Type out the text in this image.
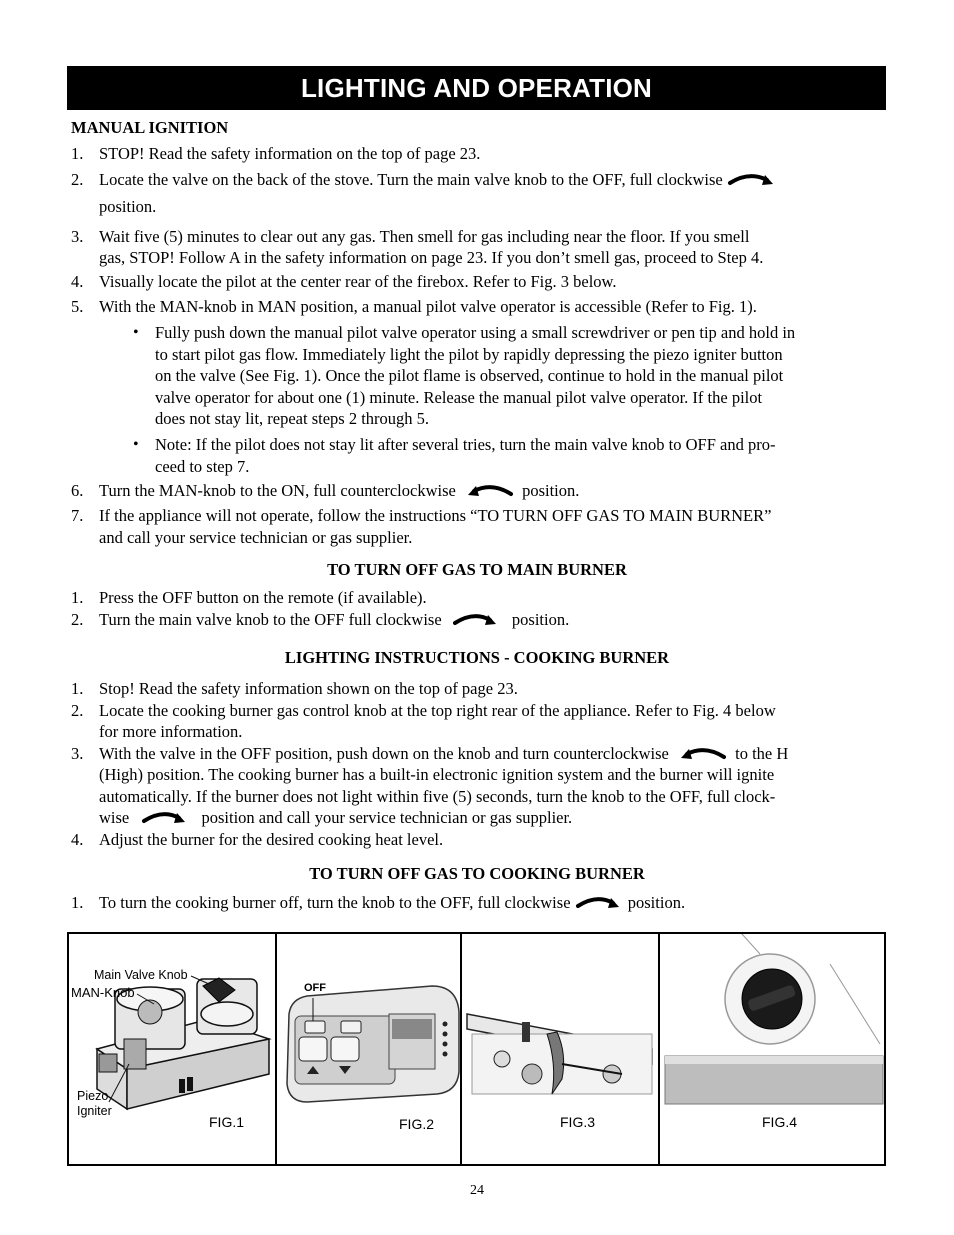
LIGHTING AND OPERATION
MANUAL IGNITION
1. STOP! Read the safety information on the top of page 23.
2. Locate the valve on the back of the stove. Turn the main valve knob to the OFF, full clockwise
position.
3. Wait five (5) minutes to clear out any gas. Then smell for gas including near the floor. If you smell
gas, STOP! Follow A in the safety information on page 23. If you don’t smell gas, proceed to Step 4.
4. Visually locate the pilot at the center rear of the firebox. Refer to Fig. 3 below.
5. With the MAN-knob in MAN position, a manual pilot valve operator is accessible (Refer to Fig. 1).
• Fully push down the manual pilot valve operator using a small screwdriver or pen tip and hold in
to start pilot gas flow. Immediately light the pilot by rapidly depressing the piezo igniter button
on the valve (See Fig. 1). Once the pilot flame is observed, continue to hold in the manual pilot
valve operator for about one (1) minute. Release the manual pilot valve operator. If the pilot
does not stay lit, repeat steps 2 through 5.
• Note: If the pilot does not stay lit after several tries, turn the main valve knob to OFF and pro-
ceed to step 7.
6. Turn the MAN-knob to the ON, full counterclockwise	position.
7. If the appliance will not operate, follow the instructions “TO TURN OFF GAS TO MAIN BURNER”
and call your service technician or gas supplier.
TO TURN OFF GAS TO MAIN BURNER
1. Press the OFF button on the remote (if available).
2. Turn the main valve knob to the OFF full clockwise	position.
LIGHTING INSTRUCTIONS - COOKING BURNER
1. Stop! Read the safety information shown on the top of page 23.
2. Locate the cooking burner gas control knob at the top right rear of the appliance. Refer to Fig. 4 below
for more information.
3. With the valve in the OFF position, push down on the knob and turn counterclockwise	to the H
(High) position. The cooking burner has a built-in electronic ignition system and the burner will ignite
automatically. If the burner does not light within five (5) seconds, turn the knob to the OFF, full clock-
wise	position and call your service technician or gas supplier.
4. Adjust the burner for the desired cooking heat level.
TO TURN OFF GAS TO COOKING BURNER
1. To turn the cooking burner off, turn the knob to the OFF, full clockwise	position.
Main Valve Knob
MAN-Knob
Piezo
Igniter
FIG.1
OFF
FIG.2	FIG.3	FIG.4
24
